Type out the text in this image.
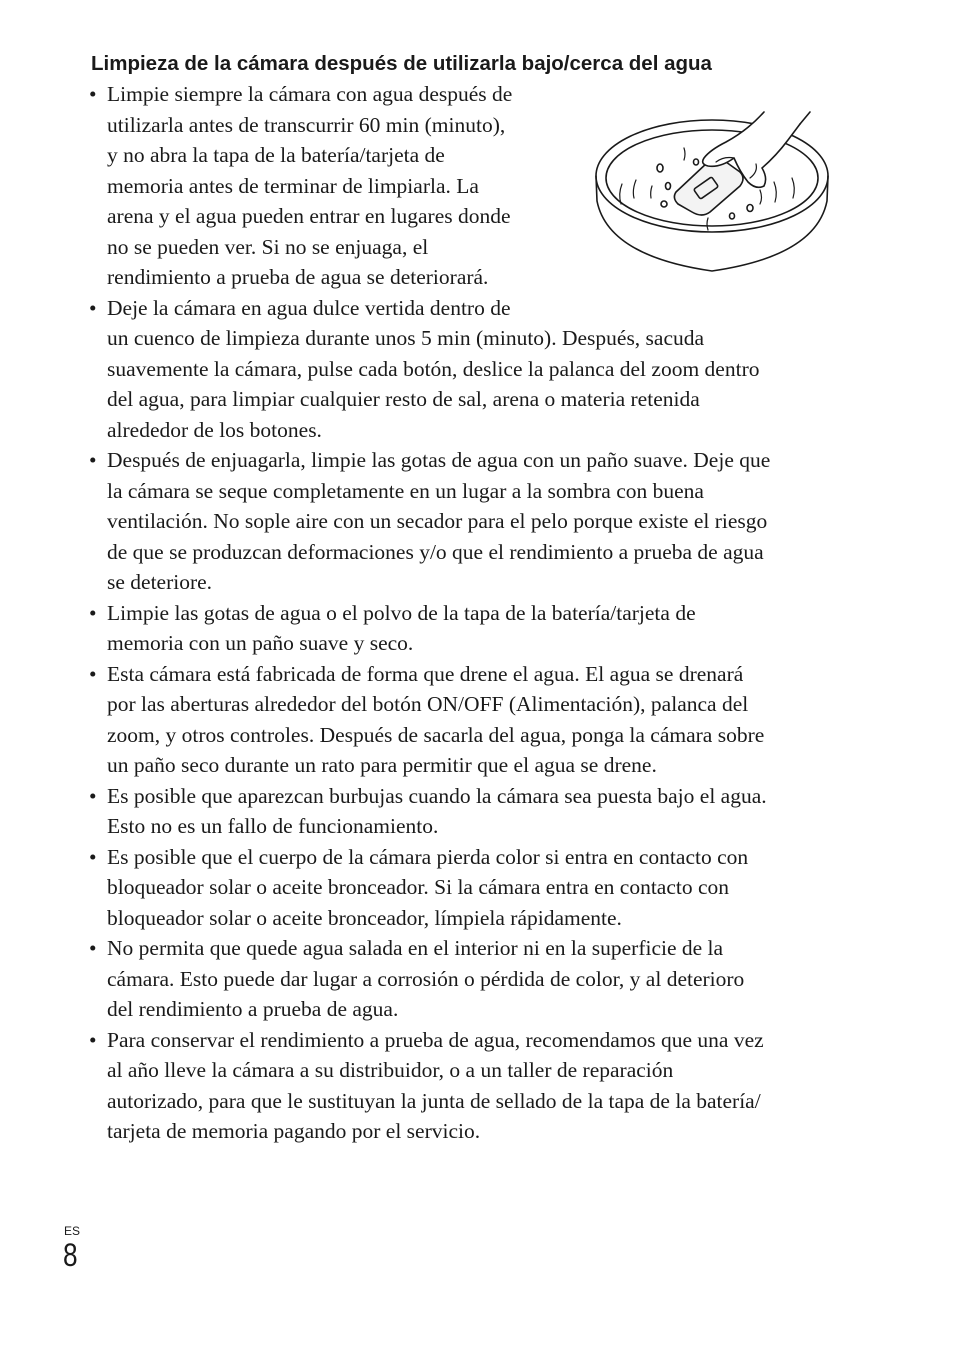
Limpieza de la cámara después de utilizarla bajo/cerca del agua
• Limpie siempre la cámara con agua después de
utilizarla antes de transcurrir 60 min (minuto),
y no abra la tapa de la batería/tarjeta de
memoria antes de terminar de limpiarla. La
arena y el agua pueden entrar en lugares donde
no se pueden ver. Si no se enjuaga, el
rendimiento a prueba de agua se deteriorará.
• Deje la cámara en agua dulce vertida dentro de
un cuenco de limpieza durante unos 5 min (minuto). Después, sacuda
suavemente la cámara, pulse cada botón, deslice la palanca del zoom dentro
del agua, para limpiar cualquier resto de sal, arena o materia retenida
alrededor de los botones.
• Después de enjuagarla, limpie las gotas de agua con un paño suave. Deje que
la cámara se seque completamente en un lugar a la sombra con buena
ventilación. No sople aire con un secador para el pelo porque existe el riesgo
de que se produzcan deformaciones y/o que el rendimiento a prueba de agua
se deteriore.
• Limpie las gotas de agua o el polvo de la tapa de la batería/tarjeta de
memoria con un paño suave y seco.
• Esta cámara está fabricada de forma que drene el agua. El agua se drenará
por las aberturas alrededor del botón ON/OFF (Alimentación), palanca del
zoom, y otros controles. Después de sacarla del agua, ponga la cámara sobre
un paño seco durante un rato para permitir que el agua se drene.
• Es posible que aparezcan burbujas cuando la cámara sea puesta bajo el agua.
Esto no es un fallo de funcionamiento.
• Es posible que el cuerpo de la cámara pierda color si entra en contacto con
bloqueador solar o aceite bronceador. Si la cámara entra en contacto con
bloqueador solar o aceite bronceador, límpiela rápidamente.
• No permita que quede agua salada en el interior ni en la superficie de la
cámara. Esto puede dar lugar a corrosión o pérdida de color, y al deterioro
del rendimiento a prueba de agua.
• Para conservar el rendimiento a prueba de agua, recomendamos que una vez
al año lleve la cámara a su distribuidor, o a un taller de reparación
autorizado, para que le sustituyan la junta de sellado de la tapa de la batería/
tarjeta de memoria pagando por el servicio.
ES
8
